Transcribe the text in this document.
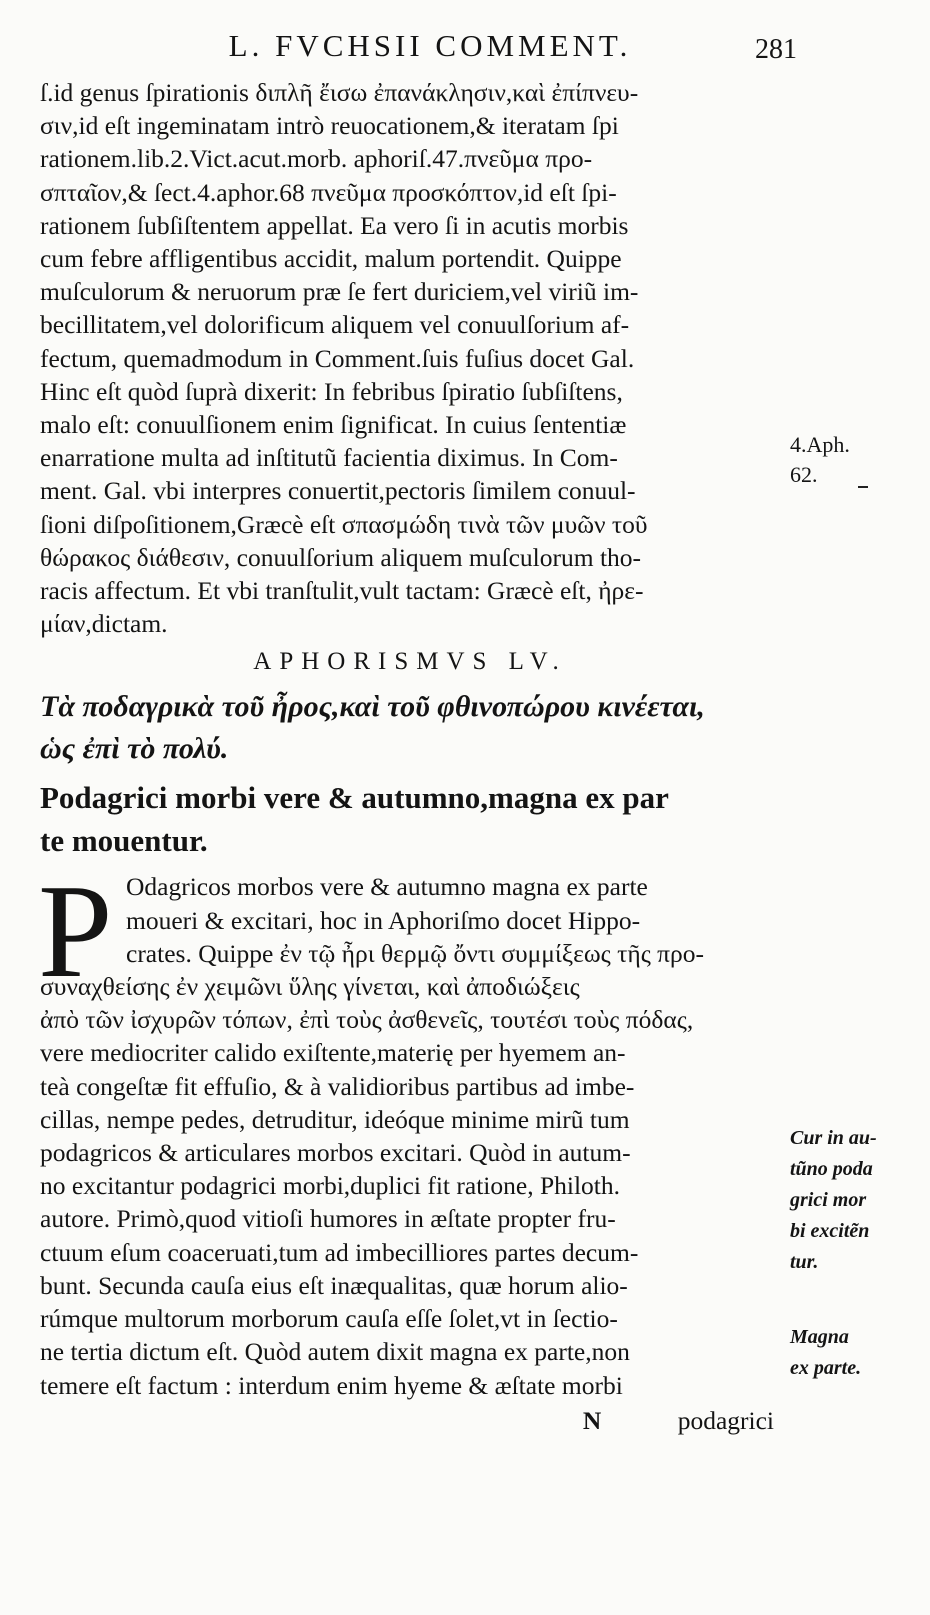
L. FVCHSII COMMENT.	281

ſ.id genus ſpirationis διπλῆ ἔισω ἐπανάκλησιν,καὶ ἐπίπνευ-
σιν,id eſt ingeminatam intrò reuocationem,& iteratam ſpi
rationem.lib.2.Vict.acut.morb. aphoriſ.47.πνεῦμα προ-
σπταῖον,& ſect.4.aphor.68 πνεῦμα προσκόπτον,id eſt ſpi-
rationem ſubſiſtentem appellat. Ea vero ſi in acutis morbis
cum febre affligentibus accidit, malum portendit. Quippe
muſculorum & neruorum præ ſe fert duriciem,vel viriũ im-
becillitatem,vel dolorificum aliquem vel conuulſorium af-
fectum, quemadmodum in Comment.ſuis fuſius docet Gal.
Hinc eſt quòd ſuprà dixerit: In febribus ſpiratio ſubſiſtens,
malo eſt: conuulſionem enim ſignificat. In cuius ſententiæ
enarratione multa ad inſtitutũ facientia diximus. In Com-
ment. Gal. vbi interpres conuertit,pectoris ſimilem conuul-
ſioni diſpoſitionem,Græcè eſt σπασμώδη τινὰ τῶν μυῶν τοῦ
θώρακος διάθεσιν, conuulſorium aliquem muſculorum tho-
racis affectum. Et vbi tranſtulit,vult tactam: Græcè eſt, ἠρε-
μίαν,dictam.

APHORISMVS LV.
Τὰ ποδαγρικὰ τοῦ ἦρος,καὶ τοῦ φθινοπώρου κινέεται,
ὡς ἐπὶ τὸ πολύ.
Podagrici morbi vere & autumno,magna ex par
te mouentur.
P Odagricos morbos vere & autumno magna ex parte
moueri & excitari, hoc in Aphoriſmo docet Hippo-
crates. Quippe ἐν τῷ ἦρι θερμῷ ὄντι συμμίξεως τῆς προ-
συναχθείσης ἐν χειμῶνι ὕλης γίνεται, καὶ ἀποδιώξεις
ἀπὸ τῶν ἰσχυρῶν τόπων, ἐπὶ τοὺς ἀσθενεῖς, τουτέσι τοὺς πόδας,
vere mediocriter calido exiſtente,materię per hyemem an-
teà congeſtæ fit effuſio, & à validioribus partibus ad imbe-
cillas, nempe pedes, detruditur, ideóque minime mirũ tum
podagricos & articulares morbos excitari. Quòd in autum-
no excitantur podagrici morbi,duplici fit ratione, Philoth.
autore. Primò,quod vitioſi humores in æſtate propter fru-
ctuum eſum coaceruati,tum ad imbecilliores partes decum-
bunt. Secunda cauſa eius eſt inæqualitas, quæ horum alio-
rúmque multorum morborum cauſa eſſe ſolet,vt in ſectio-
ne tertia dictum eſt. Quòd autem dixit magna ex parte,non
temere eſt factum : interdum enim hyeme & æſtate morbi
N	podagrici
4.Aph.
62.
Cur in au-
tũno poda
grici mor
bi excitẽn
tur.
Magna
ex parte.
